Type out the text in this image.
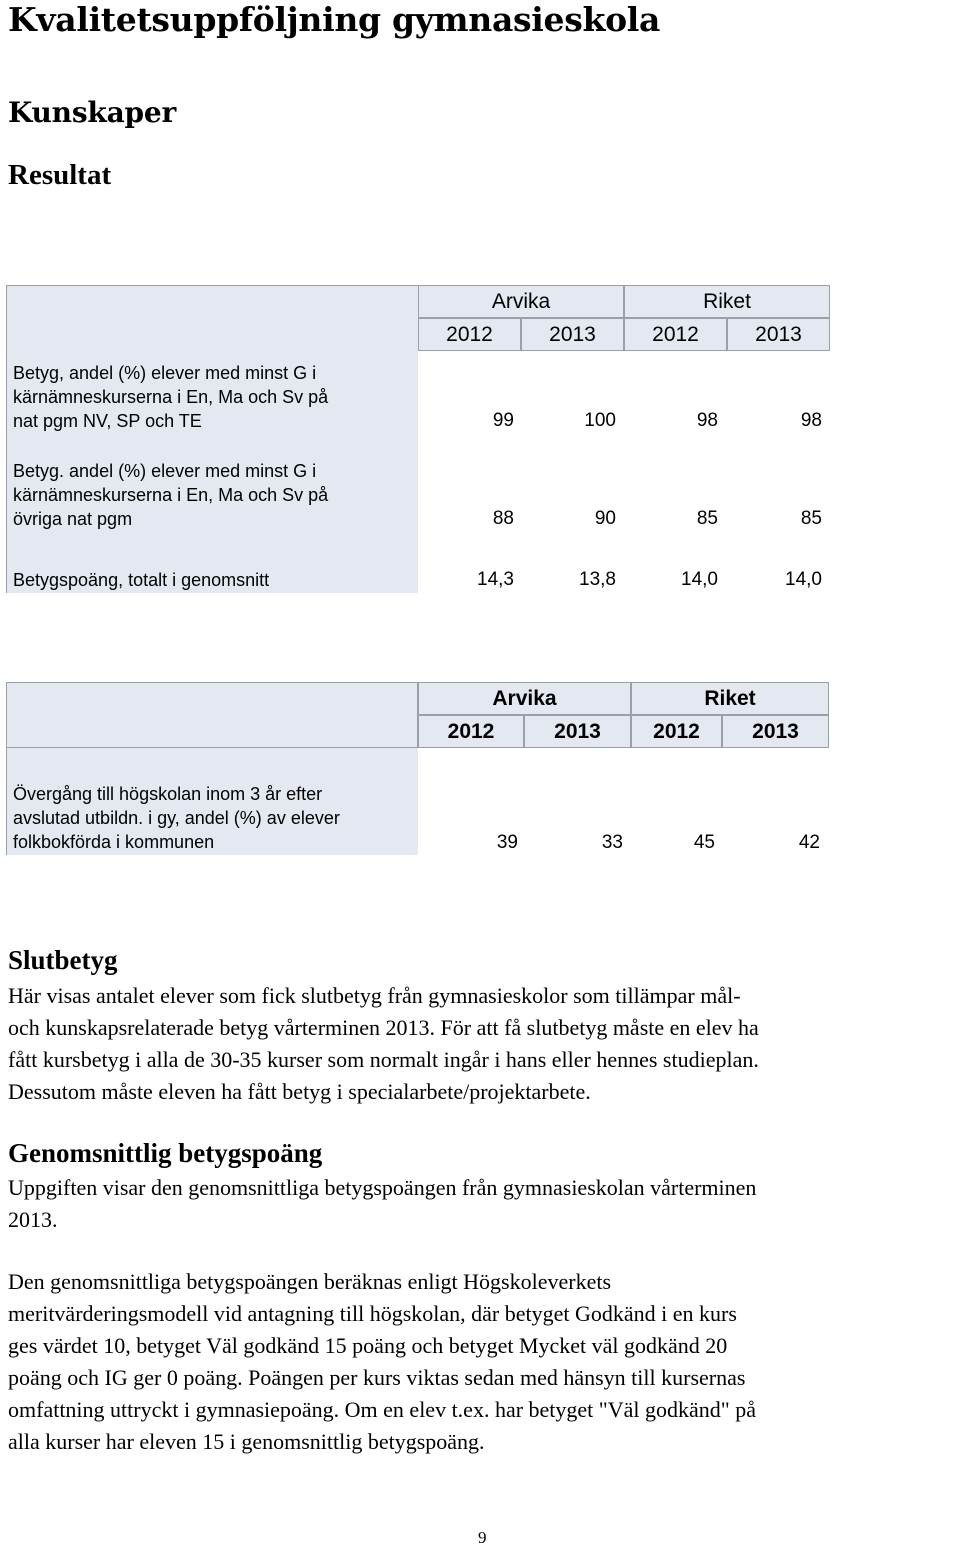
Kvalitetsuppföljning gymnasieskola
Kunskaper
Resultat
Arvika	Riket
2012	2013	2012	2013
Betyg, andel (%) elever med minst G i
kärnämneskurserna i En, Ma och Sv på
nat pgm NV, SP och TE	99	100	98	98
Betyg. andel (%) elever med minst G i
kärnämneskurserna i En, Ma och Sv på
övriga nat pgm	88	90	85	85
Betygspoäng, totalt i genomsnitt	14,3	13,8	14,0	14,0
Arvika	Riket
2012	2013	2012	2013
Övergång till högskolan inom 3 år efter
avslutad utbildn. i gy, andel (%) av elever
folkbokförda i kommunen	39	33	45	42
Slutbetyg
Här visas antalet elever som fick slutbetyg från gymnasieskolor som tillämpar mål-
och kunskapsrelaterade betyg vårterminen 2013. För att få slutbetyg måste en elev ha
fått kursbetyg i alla de 30-35 kurser som normalt ingår i hans eller hennes studieplan.
Dessutom måste eleven ha fått betyg i specialarbete/projektarbete.
Genomsnittlig betygspoäng
Uppgiften visar den genomsnittliga betygspoängen från gymnasieskolan vårterminen
2013.
Den genomsnittliga betygspoängen beräknas enligt Högskoleverkets
meritvärderingsmodell vid antagning till högskolan, där betyget Godkänd i en kurs
ges värdet 10, betyget Väl godkänd 15 poäng och betyget Mycket väl godkänd 20
poäng och IG ger 0 poäng. Poängen per kurs viktas sedan med hänsyn till kursernas
omfattning uttryckt i gymnasiepoäng. Om en elev t.ex. har betyget "Väl godkänd" på
alla kurser har eleven 15 i genomsnittlig betygspoäng.
9
